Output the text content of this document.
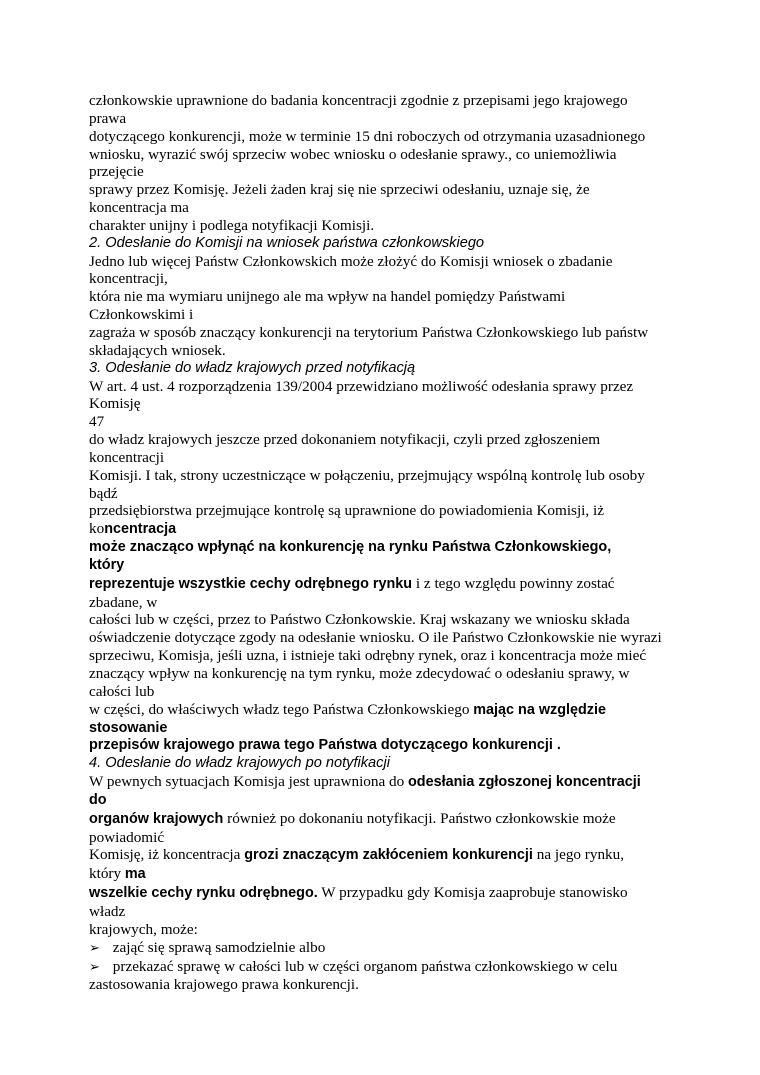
członkowskie uprawnione do badania koncentracji zgodnie z przepisami jego krajowego
prawa
dotyczącego konkurencji, może w terminie 15 dni roboczych od otrzymania uzasadnionego
wniosku, wyrazić swój sprzeciw wobec wniosku o odesłanie sprawy., co uniemożliwia
przejęcie
sprawy przez Komisję. Jeżeli żaden kraj się nie sprzeciwi odesłaniu, uznaje się, że
koncentracja ma
charakter unijny i podlega notyfikacji Komisji.
2. Odesłanie do Komisji na wniosek państwa członkowskiego
Jedno lub więcej Państw Członkowskich może złożyć do Komisji wniosek o zbadanie
koncentracji,
która nie ma wymiaru unijnego ale ma wpływ na handel pomiędzy Państwami
Członkowskimi i
zagraża w sposób znaczący konkurencji na terytorium Państwa Członkowskiego lub państw
składających wniosek.
3. Odesłanie do władz krajowych przed notyfikacją
W art. 4 ust. 4 rozporządzenia 139/2004 przewidziano możliwość odesłania sprawy przez
Komisję
47
do władz krajowych jeszcze przed dokonaniem notyfikacji, czyli przed zgłoszeniem
koncentracji
Komisji. I tak, strony uczestniczące w połączeniu, przejmujący wspólną kontrolę lub osoby
bądź
przedsiębiorstwa przejmujące kontrolę są uprawnione do powiadomienia Komisji, iż
koncentracja
może znacząco wpłynąć na konkurencję na rynku Państwa Członkowskiego,
który
reprezentuje wszystkie cechy odrębnego rynku i z tego względu powinny zostać
zbadane, w
całości lub w części, przez to Państwo Członkowskie. Kraj wskazany we wniosku składa
oświadczenie dotyczące zgody na odesłanie wniosku. O ile Państwo Członkowskie nie wyrazi
sprzeciwu, Komisja, jeśli uzna, i istnieje taki odrębny rynek, oraz i koncentracja może mieć
znaczący wpływ na konkurencję na tym rynku, może zdecydować o odesłaniu sprawy, w
całości lub
w części, do właściwych władz tego Państwa Członkowskiego mając na względzie
stosowanie
przepisów krajowego prawa tego Państwa dotyczącego konkurencji .
4. Odesłanie do władz krajowych po notyfikacji
W pewnych sytuacjach Komisja jest uprawniona do odesłania zgłoszonej koncentracji
do
organów krajowych również po dokonaniu notyfikacji. Państwo członkowskie może
powiadomić
Komisję, iż koncentracja grozi znaczącym zakłóceniem konkurencji na jego rynku,
który ma
wszelkie cechy rynku odrębnego. W przypadku gdy Komisja zaaprobuje stanowisko
władz
krajowych, może:
➢ zająć się sprawą samodzielnie albo
➢ przekazać sprawę w całości lub w części organom państwa członkowskiego w celu
zastosowania krajowego prawa konkurencji.
